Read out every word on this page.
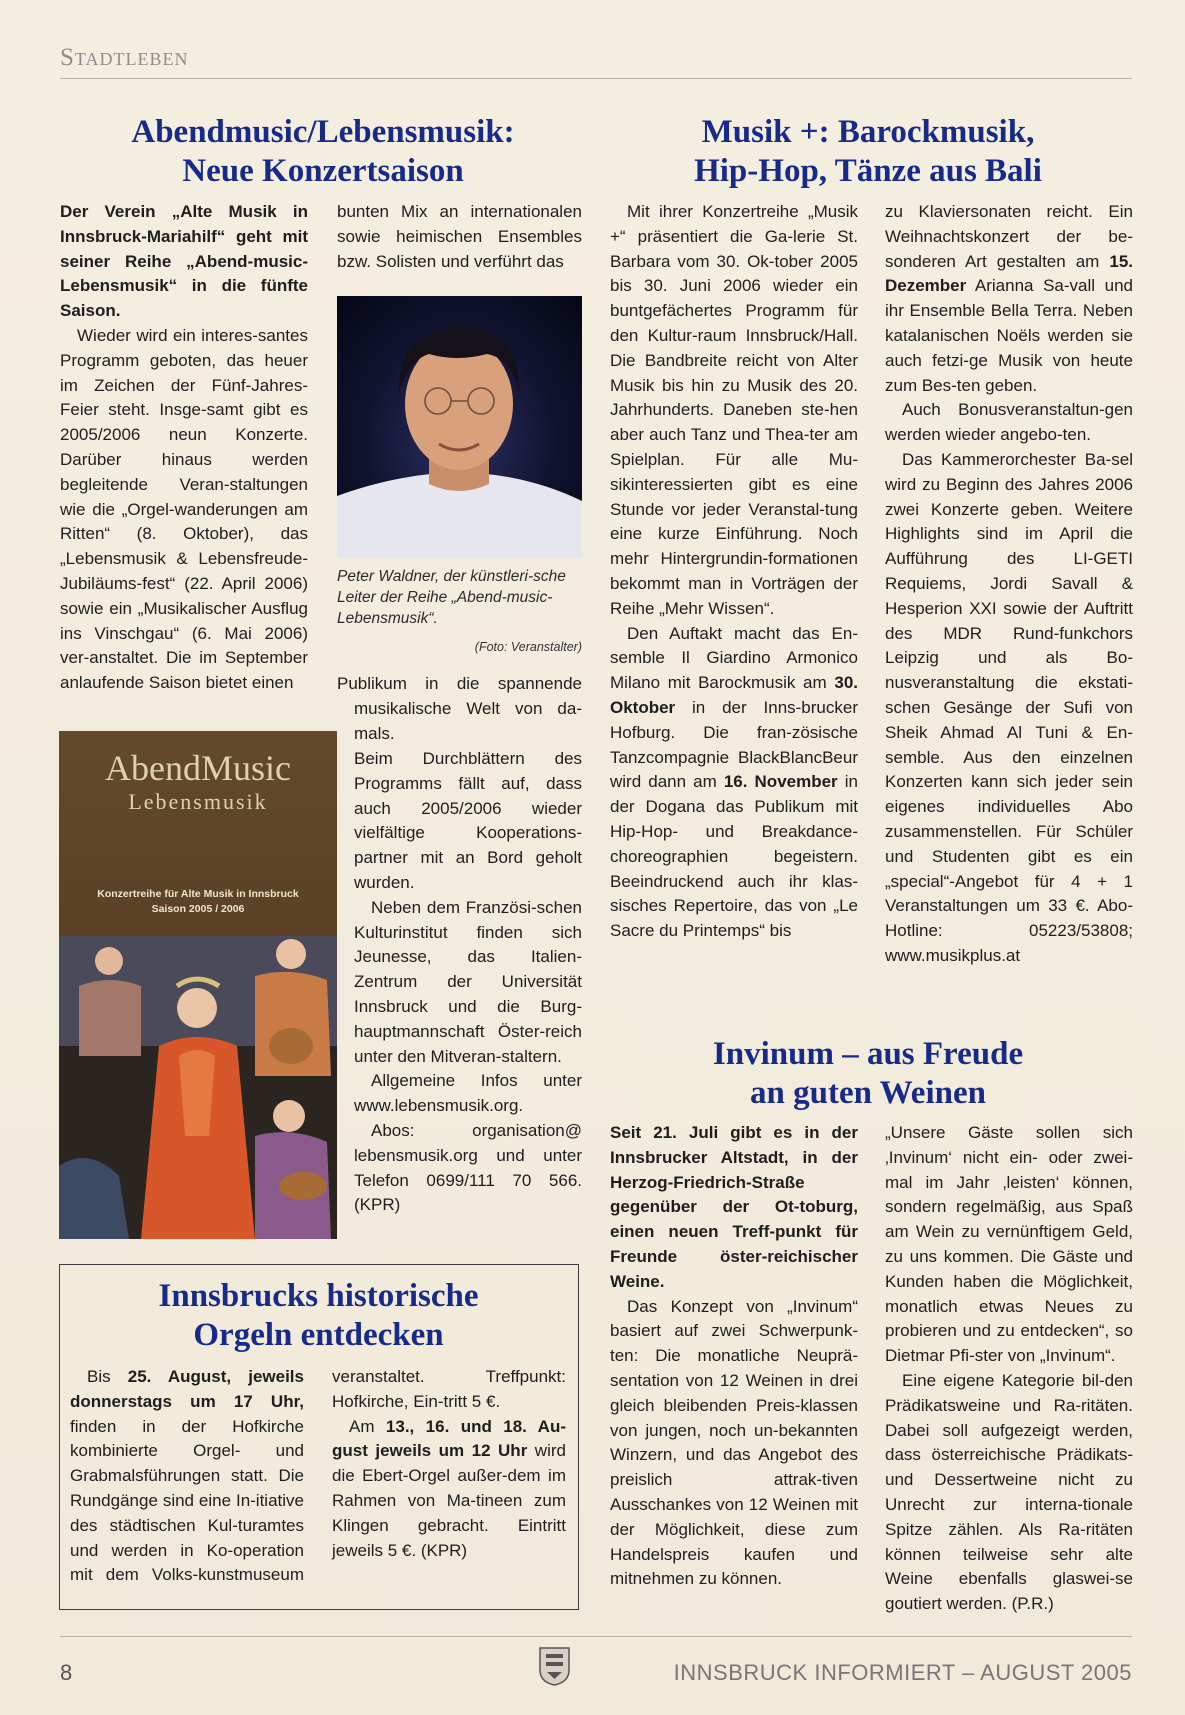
Stadtleben
Abendmusic/Lebensmusik:
Neue Konzertsaison

Der Verein „Alte Musik in Innsbruck-Mariahilf“ geht mit seiner Reihe „Abend-music-Lebensmusik“ in die fünfte Saison.

Wieder wird ein interes-santes Programm geboten, das heuer im Zeichen der Fünf-Jahres-Feier steht. Insge-samt gibt es 2005/2006 neun Konzerte. Darüber hinaus werden begleitende Veran-staltungen wie die „Orgel-wanderungen am Ritten“ (8. Oktober), das „Lebensmusik & Lebensfreude-Jubiläums-fest“ (22. April 2006) sowie ein „Musikalischer Ausflug ins Vinschgau“ (6. Mai 2006) ver-anstaltet. Die im September anlaufende Saison bietet einen

bunten Mix an internationalen sowie heimischen Ensembles bzw. Solisten und verführt das

Peter Waldner, der künstleri-sche Leiter der Reihe „Abend-music-Lebensmusik“.
(Foto: Veranstalter)

Publikum in die spannende musikalische Welt von da-mals.

Beim Durchblättern des Programms fällt auf, dass auch 2005/2006 wieder vielfältige Kooperations-partner mit an Bord geholt wurden.

Neben dem Französi-schen Kulturinstitut finden sich Jeunesse, das Italien-Zentrum der Universität Innsbruck und die Burg-hauptmannschaft Öster-reich unter den Mitveran-staltern.

Allgemeine Infos unter www.lebensmusik.org.

Abos: organisation@ lebensmusik.org und unter Telefon 0699/111 70 566. (KPR)

AbendMusic
Lebensmusik
Konzertreihe für Alte Musik in Innsbruck
Saison 2005 / 2006
Musik +: Barockmusik,
Hip-Hop, Tänze aus Bali

Mit ihrer Konzertreihe „Musik +“ präsentiert die Ga-lerie St. Barbara vom 30. Ok-tober 2005 bis 30. Juni 2006 wieder ein buntgefächertes Programm für den Kultur-raum Innsbruck/Hall. Die Bandbreite reicht von Alter Musik bis hin zu Musik des 20. Jahrhunderts. Daneben ste-hen aber auch Tanz und Thea-ter am Spielplan. Für alle Mu-sikinteressierten gibt es eine Stunde vor jeder Veranstal-tung eine kurze Einführung. Noch mehr Hintergrundin-formationen bekommt man in Vorträgen der Reihe „Mehr Wissen“.

Den Auftakt macht das En-semble Il Giardino Armonico Milano mit Barockmusik am 30. Oktober in der Inns-brucker Hofburg. Die fran-zösische Tanzcompagnie BlackBlancBeur wird dann am 16. November in der Dogana das Publikum mit Hip-Hop- und Breakdance-choreographien begeistern. Beeindruckend auch ihr klas-sisches Repertoire, das von „Le Sacre du Printemps“ bis

zu Klaviersonaten reicht. Ein Weihnachtskonzert der be-sonderen Art gestalten am 15. Dezember Arianna Sa-vall und ihr Ensemble Bella Terra. Neben katalanischen Noëls werden sie auch fetzi-ge Musik von heute zum Bes-ten geben.

Auch Bonusveranstaltun-gen werden wieder angebo-ten.

Das Kammerorchester Ba-sel wird zu Beginn des Jahres 2006 zwei Konzerte geben. Weitere Highlights sind im April die Aufführung des LI-GETI Requiems, Jordi Savall & Hesperion XXI sowie der Auftritt des MDR Rund-funkchors Leipzig und als Bo-nusveranstaltung die ekstati-schen Gesänge der Sufi von Sheik Ahmad Al Tuni & En-semble. Aus den einzelnen Konzerten kann sich jeder sein eigenes individuelles Abo zusammenstellen. Für Schüler und Studenten gibt es ein „special“-Angebot für 4 + 1 Veranstaltungen um 33 €. Abo-Hotline: 05223/53808; www.musikplus.at

Invinum – aus Freude
an guten Weinen

Seit 21. Juli gibt es in der Innsbrucker Altstadt, in der Herzog-Friedrich-Straße gegenüber der Ot-toburg, einen neuen Treff-punkt für Freunde öster-reichischer Weine.

Das Konzept von „Invinum“ basiert auf zwei Schwerpunk-ten: Die monatliche Neuprä-sentation von 12 Weinen in drei gleich bleibenden Preis-klassen von jungen, noch un-bekannten Winzern, und das Angebot des preislich attrak-tiven Ausschankes von 12 Weinen mit der Möglichkeit, diese zum Handelspreis kaufen und mitnehmen zu können.

„Unsere Gäste sollen sich ‚Invinum‘ nicht ein- oder zwei-mal im Jahr ‚leisten‘ können, sondern regelmäßig, aus Spaß am Wein zu vernünftigem Geld, zu uns kommen. Die Gäste und Kunden haben die Möglichkeit, monatlich etwas Neues zu probieren und zu entdecken“, so Dietmar Pfi-ster von „Invinum“.

Eine eigene Kategorie bil-den Prädikatsweine und Ra-ritäten. Dabei soll aufgezeigt werden, dass österreichische Prädikats- und Dessertweine nicht zu Unrecht zur interna-tionale Spitze zählen. Als Ra-ritäten können teilweise sehr alte Weine ebenfalls glaswei-se goutiert werden. (P.R.)

Innsbrucks historische
Orgeln entdecken

Bis 25. August, jeweils donnerstags um 17 Uhr, finden in der Hofkirche kombinierte Orgel- und Grabmalsführungen statt. Die Rundgänge sind eine In-itiative des städtischen Kul-turamtes und werden in Ko-operation mit dem Volks-kunstmuseum veranstaltet. Treffpunkt: Hofkirche, Ein-tritt 5 €.

Am 13., 16. und 18. Au-gust jeweils um 12 Uhr wird die Ebert-Orgel außer-dem im Rahmen von Ma-tineen zum Klingen gebracht. Eintritt jeweils 5 €. (KPR)

8	INNSBRUCK INFORMIERT – AUGUST 2005
